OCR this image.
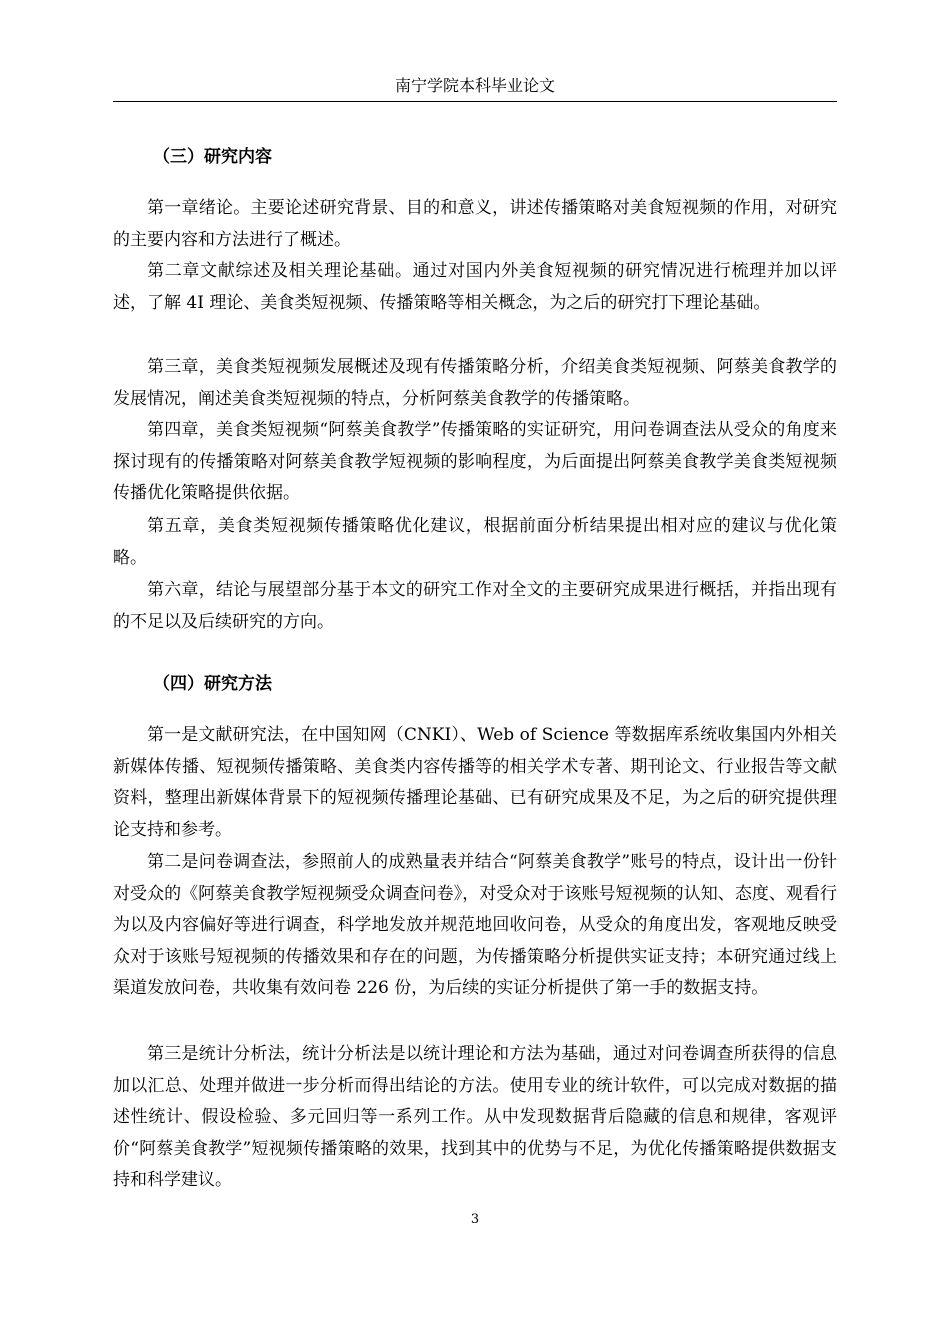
南宁学院本科毕业论文
（三）研究内容

第一章绪论。主要论述研究背景、目的和意义，讲述传播策略对美食短视频的作用，对研究的主要内容和方法进行了概述。

第二章文献综述及相关理论基础。通过对国内外美食短视频的研究情况进行梳理并加以评述，了解 4I 理论、美食类短视频、传播策略等相关概念，为之后的研究打下理论基础。

第三章，美食类短视频发展概述及现有传播策略分析，介绍美食类短视频、阿蔡美食教学的发展情况，阐述美食类短视频的特点，分析阿蔡美食教学的传播策略。

第四章，美食类短视频“阿蔡美食教学”传播策略的实证研究，用问卷调查法从受众的角度来探讨现有的传播策略对阿蔡美食教学短视频的影响程度，为后面提出阿蔡美食教学美食类短视频传播优化策略提供依据。

第五章，美食类短视频传播策略优化建议，根据前面分析结果提出相对应的建议与优化策略。

第六章，结论与展望部分基于本文的研究工作对全文的主要研究成果进行概括，并指出现有的不足以及后续研究的方向。

（四）研究方法

第一是文献研究法，在中国知网（CNKI）、Web of Science 等数据库系统收集国内外相关新媒体传播、短视频传播策略、美食类内容传播等的相关学术专著、期刊论文、行业报告等文献资料，整理出新媒体背景下的短视频传播理论基础、已有研究成果及不足，为之后的研究提供理论支持和参考。

第二是问卷调查法，参照前人的成熟量表并结合“阿蔡美食教学”账号的特点，设计出一份针对受众的《阿蔡美食教学短视频受众调查问卷》，对受众对于该账号短视频的认知、态度、观看行为以及内容偏好等进行调查，科学地发放并规范地回收问卷，从受众的角度出发，客观地反映受众对于该账号短视频的传播效果和存在的问题，为传播策略分析提供实证支持；本研究通过线上渠道发放问卷，共收集有效问卷 226 份，为后续的实证分析提供了第一手的数据支持。

第三是统计分析法，统计分析法是以统计理论和方法为基础，通过对问卷调查所获得的信息加以汇总、处理并做进一步分析而得出结论的方法。使用专业的统计软件，可以完成对数据的描述性统计、假设检验、多元回归等一系列工作。从中发现数据背后隐藏的信息和规律，客观评价“阿蔡美食教学”短视频传播策略的效果，找到其中的优势与不足，为优化传播策略提供数据支持和科学建议。

3
